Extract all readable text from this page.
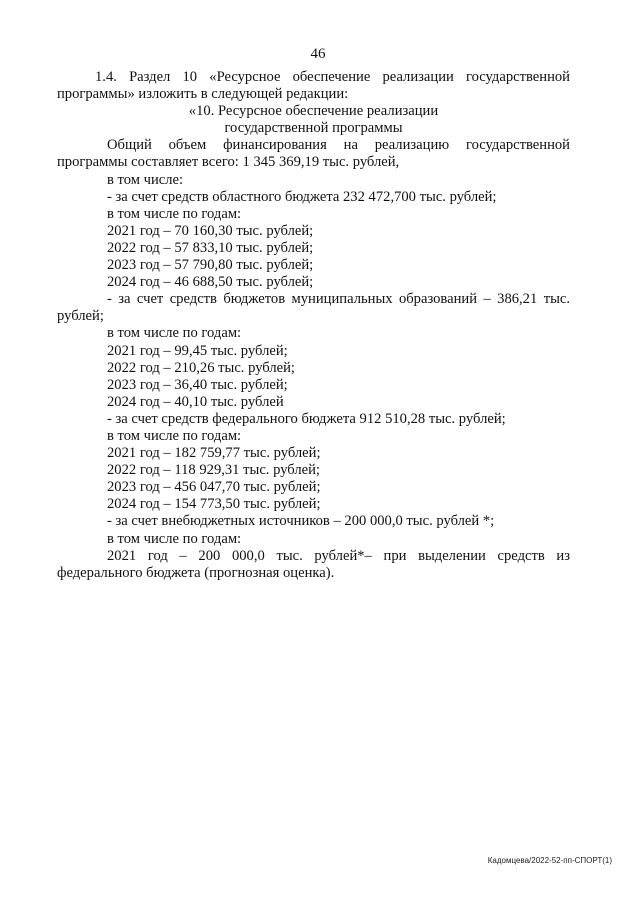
46
1.4. Раздел 10 «Ресурсное обеспечение реализации государственной
программы» изложить в следующей редакции:
«10. Ресурсное обеспечение реализации
государственной программы
Общий объем финансирования на реализацию государственной
программы составляет всего: 1 345 369,19 тыс. рублей,
в том числе:
- за счет средств областного бюджета 232 472,700 тыс. рублей;
в том числе по годам:
2021 год – 70 160,30 тыс. рублей;
2022 год – 57 833,10 тыс. рублей;
2023 год – 57 790,80 тыс. рублей;
2024 год – 46 688,50 тыс. рублей;
- за счет средств бюджетов муниципальных образований – 386,21 тыс.
рублей;
в том числе по годам:
2021 год – 99,45 тыс. рублей;
2022 год – 210,26 тыс. рублей;
2023 год – 36,40 тыс. рублей;
2024 год – 40,10 тыс. рублей
- за счет средств федерального бюджета 912 510,28 тыс. рублей;
в том числе по годам:
2021 год – 182 759,77 тыс. рублей;
2022 год – 118 929,31 тыс. рублей;
2023 год – 456 047,70 тыс. рублей;
2024 год – 154 773,50 тыс. рублей;
- за счет внебюджетных источников – 200 000,0 тыс. рублей *;
в том числе по годам:
2021 год – 200 000,0 тыс. рублей*– при выделении средств из
федерального бюджета (прогнозная оценка).
Кадомцева/2022-52-пп-СПОРТ(1)
